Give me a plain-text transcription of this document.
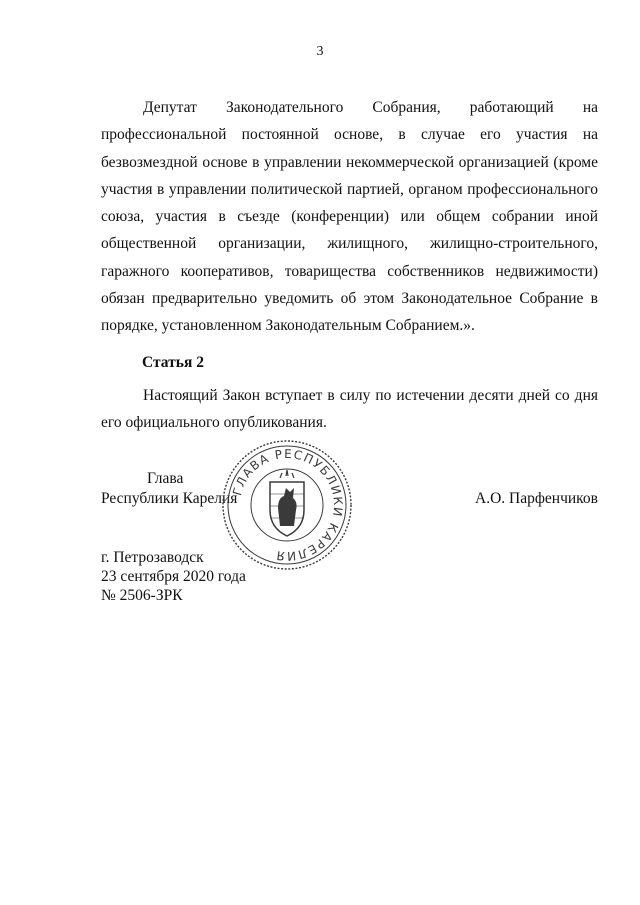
3

Депутат Законодательного Собрания, работающий на профессиональной постоянной основе, в случае его участия на безвозмездной основе в управлении некоммерческой организацией (кроме участия в управлении политической партией, органом профессионального союза, участия в съезде (конференции) или общем собрании иной общественной организации, жилищного, жилищно-строительного, гаражного кооперативов, товарищества собственников недвижимости) обязан предварительно уведомить об этом Законодательное Собрание в порядке, установленном Законодательным Собранием.».

Статья 2

Настоящий Закон вступает в силу по истечении десяти дней со дня его официального опубликования.

Глава
Республики Карелия	А.О. Парфенчиков
ГЛАВА РЕСПУБЛИКИ КАРЕЛИЯ
г. Петрозаводск
23 сентября 2020 года
№ 2506-ЗРК
